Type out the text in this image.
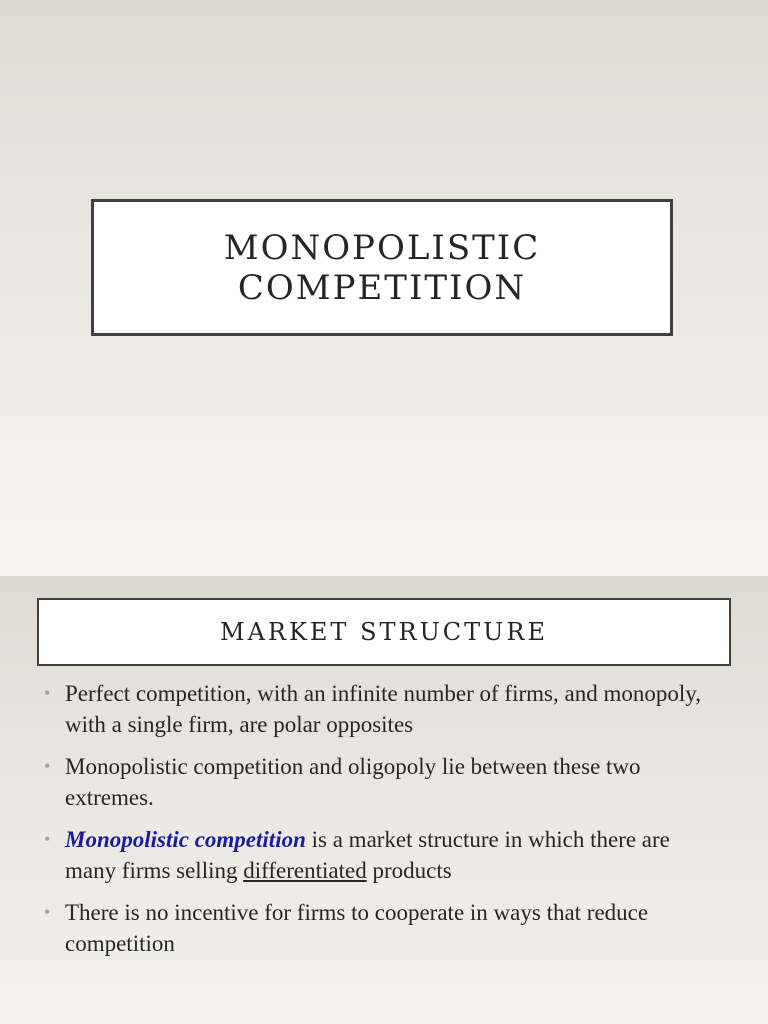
MONOPOLISTIC
COMPETITION
MARKET STRUCTURE
• Perfect competition, with an infinite number of firms, and monopoly, with a single firm, are polar opposites
• Monopolistic competition and oligopoly lie between these two extremes.
• Monopolistic competition is a market structure in which there are many firms selling differentiated products
• There is no incentive for firms to cooperate in ways that reduce competition
